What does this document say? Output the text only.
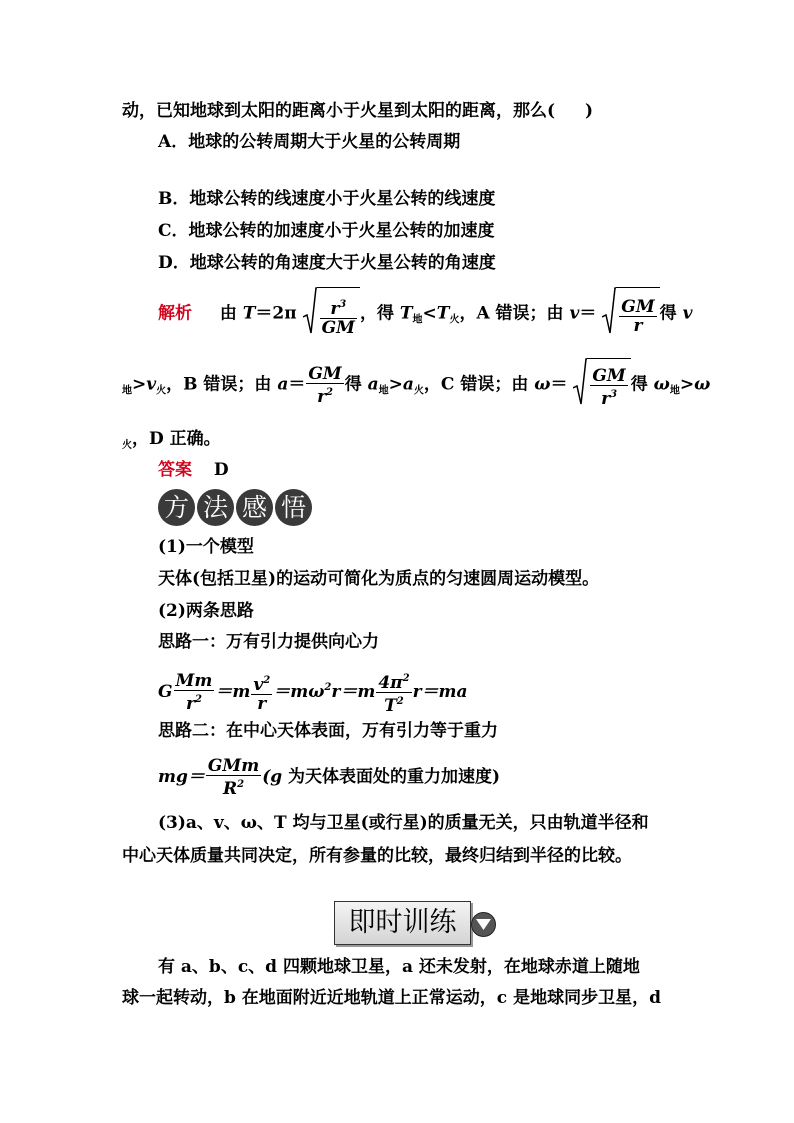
动，已知地球到太阳的距离小于火星到太阳的距离，那么( )
A．地球的公转周期大于火星的公转周期
B．地球公转的线速度小于火星公转的线速度
C．地球公转的加速度小于火星公转的加速度
D．地球公转的角速度大于火星公转的角速度
解析 由 $T=2\pi \frac{r^3}{GM}$ ，得 $T_地<T_火$，A 错误；由 $v= \frac{GM}{r}$ 得 v
$_地>v_火$，B 错误；由 $a= \frac{GM}{r^2}$ 得 $a_地>a_火$，C 错误；由 $\omega= \frac{GM}{r^3}$ 得 $\omega_地>\omega$
$_火$，D 正确。
答案 D
方 法 感 悟
(1)一个模型
天体(包括卫星)的运动可简化为质点的匀速圆周运动模型。
(2)两条思路
思路一：万有引力提供向心力
G $\frac{Mm}{r^2} =m \frac{v^2}{r} =m\omega^2r=m \frac{4\pi^2}{T^2} r=ma$
思路二：在中心天体表面，万有引力等于重力
$mg= \frac{\text{GMm}}{R^2} (g$ 为天体表面处的重力加速度)
(3)a、v、ω、T 均与卫星(或行星)的质量无关，只由轨道半径和
中心天体质量共同决定，所有参量的比较，最终归结到半径的比较。
即时训练
有 a、b、c、d 四颗地球卫星，a 还未发射，在地球赤道上随地
球一起转动，b 在地面附近近地轨道上正常运动，c 是地球同步卫星，d
